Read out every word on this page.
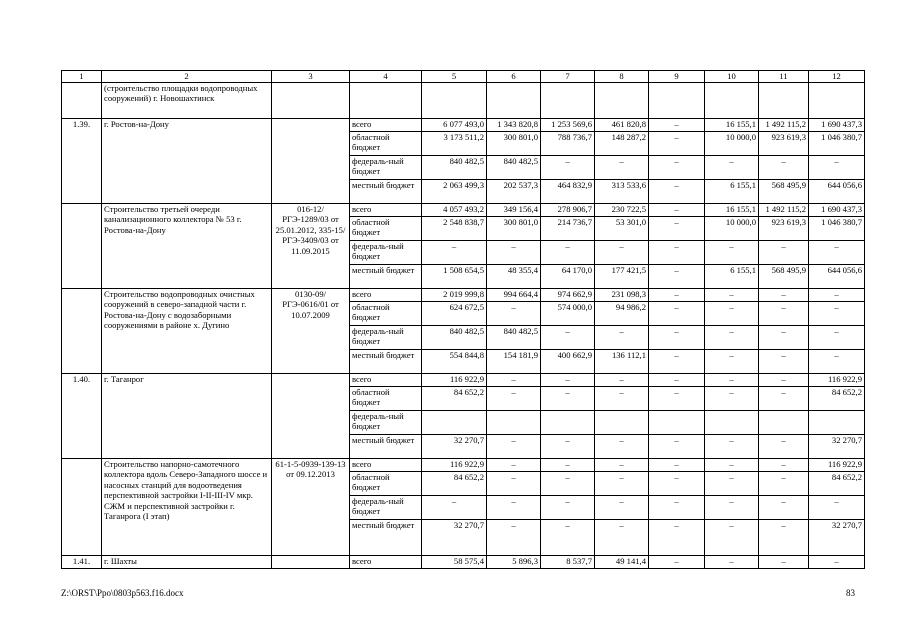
1	2	3	4	5	6	7	8	9	10	11	12
	(строительство площадки водопроводных сооружений) г. Новошахтинск										
1.39.	г. Ростов-на-Дону		всего	6 077 493,0	1 343 820,8	1 253 569,6	461 820,8	–	16 155,1	1 492 115,2	1 690 437,3
			областной бюджет	3 173 511,2	300 801,0	788 736,7	148 287,2	–	10 000,0	923 619,3	1 046 380,7
			федераль-ный бюджет	840 482,5	840 482,5	–	–	–	–	–	–
			местный бюджет	2 063 499,3	202 537,3	464 832,9	313 533,6	–	6 155,1	568 495,9	644 056,6
	Строительство третьей очереди канализационного коллектора № 53 г. Ростова-на-Дону	016-12/РГЭ-1289/03 от 25.01.2012, 335-15/РГЭ-3409/03 от 11.09.2015	всего	4 057 493,2	349 156,4	278 906,7	230 722,5	–	16 155,1	1 492 115,2	1 690 437,3
			областной бюджет	2 548 838,7	300 801,0	214 736,7	53 301,0	–	10 000,0	923 619,3	1 046 380,7
			федераль-ный бюджет	–	–	–	–	–	–	–	–
			местный бюджет	1 508 654,5	48 355,4	64 170,0	177 421,5	–	6 155,1	568 495,9	644 056,6
	Строительство водопроводных очистных сооружений в северо-западной части г. Ростова-на-Дону с водозаборными сооружениями в районе х. Дугино	0130-09/РГЭ-0616/01 от 10.07.2009	всего	2 019 999,8	994 664,4	974 662,9	231 098,3	–	–	–	–
			областной бюджет	624 672,5	–	574 000,0	94 986,2	–	–	–	–
			федераль-ный бюджет	840 482,5	840 482,5	–	–	–	–	–	–
			местный бюджет	554 844,8	154 181,9	400 662,9	136 112,1	–	–	–	–
1.40.	г. Таганрог		всего	116 922,9	–	–	–	–	–	–	116 922,9
			областной бюджет	84 652,2	–	–	–	–	–	–	84 652,2
			федераль-ный бюджет								
			местный бюджет	32 270,7	–	–	–	–	–	–	32 270,7
	Строительство напорно-самотечного коллектора вдоль Северо-Западного шоссе и насосных станций для водоотведения перспективной застройки I-II-III-IV мкр. СЖМ и перспективной застройки г. Таганрога (I этап)	61-1-5-0939-139-13 от 09.12.2013	всего	116 922,9	–	–	–	–	–	–	116 922,9
			областной бюджет	84 652,2	–	–	–	–	–	–	84 652,2
			федераль-ный бюджет	–	–	–	–	–	–	–	–
			местный бюджет	32 270,7	–	–	–	–	–	–	32 270,7
1.41.	г. Шахты		всего	58 575,4	5 896,3	8 537,7	49 141,4	–	–	–	–
Z:\ORST\Ppo\0803p563.f16.docx	83
